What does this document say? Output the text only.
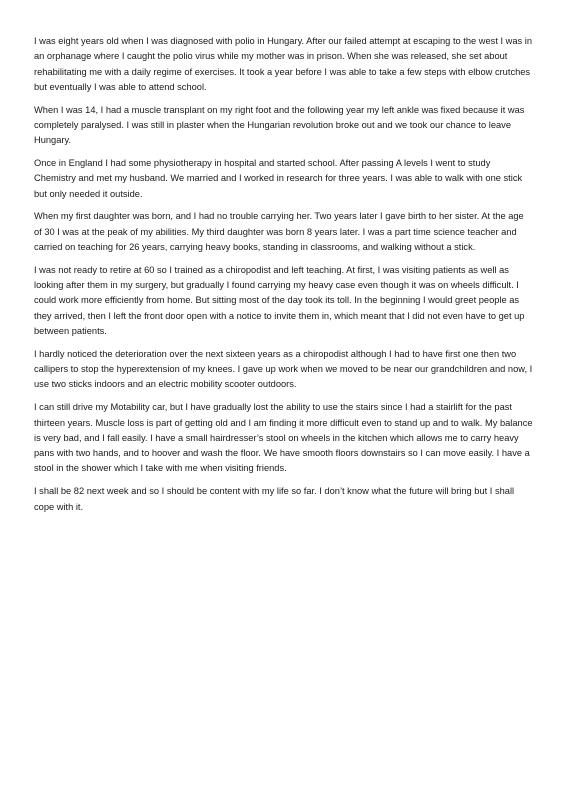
I was eight years old when I was diagnosed with polio in Hungary. After our failed attempt at escaping to the west I was in an orphanage where I caught the polio virus while my mother was in prison. When she was released, she set about rehabilitating me with a daily regime of exercises. It took a year before I was able to take a few steps with elbow crutches but eventually I was able to attend school.

When I was 14, I had a muscle transplant on my right foot and the following year my left ankle was fixed because it was completely paralysed. I was still in plaster when the Hungarian revolution broke out and we took our chance to leave Hungary.

Once in England I had some physiotherapy in hospital and started school. After passing A levels I went to study Chemistry and met my husband. We married and I worked in research for three years. I was able to walk with one stick but only needed it outside.

When my first daughter was born, and I had no trouble carrying her. Two years later I gave birth to her sister. At the age of 30 I was at the peak of my abilities. My third daughter was born 8 years later. I was a part time science teacher and carried on teaching for 26 years, carrying heavy books, standing in classrooms, and walking without a stick.

I was not ready to retire at 60 so I trained as a chiropodist and left teaching. At first, I was visiting patients as well as looking after them in my surgery, but gradually I found carrying my heavy case even though it was on wheels difficult. I could work more efficiently from home. But sitting most of the day took its toll. In the beginning I would greet people as they arrived, then I left the front door open with a notice to invite them in, which meant that I did not even have to get up between patients.

I hardly noticed the deterioration over the next sixteen years as a chiropodist although I had to have first one then two callipers to stop the hyperextension of my knees. I gave up work when we moved to be near our grandchildren and now, I use two sticks indoors and an electric mobility scooter outdoors.

I can still drive my Motability car, but I have gradually lost the ability to use the stairs since I had a stairlift for the past thirteen years. Muscle loss is part of getting old and I am finding it more difficult even to stand up and to walk. My balance is very bad, and I fall easily. I have a small hairdresser’s stool on wheels in the kitchen which allows me to carry heavy pans with two hands, and to hoover and wash the floor. We have smooth floors downstairs so I can move easily. I have a stool in the shower which I take with me when visiting friends.

I shall be 82 next week and so I should be content with my life so far. I don’t know what the future will bring but I shall cope with it.
